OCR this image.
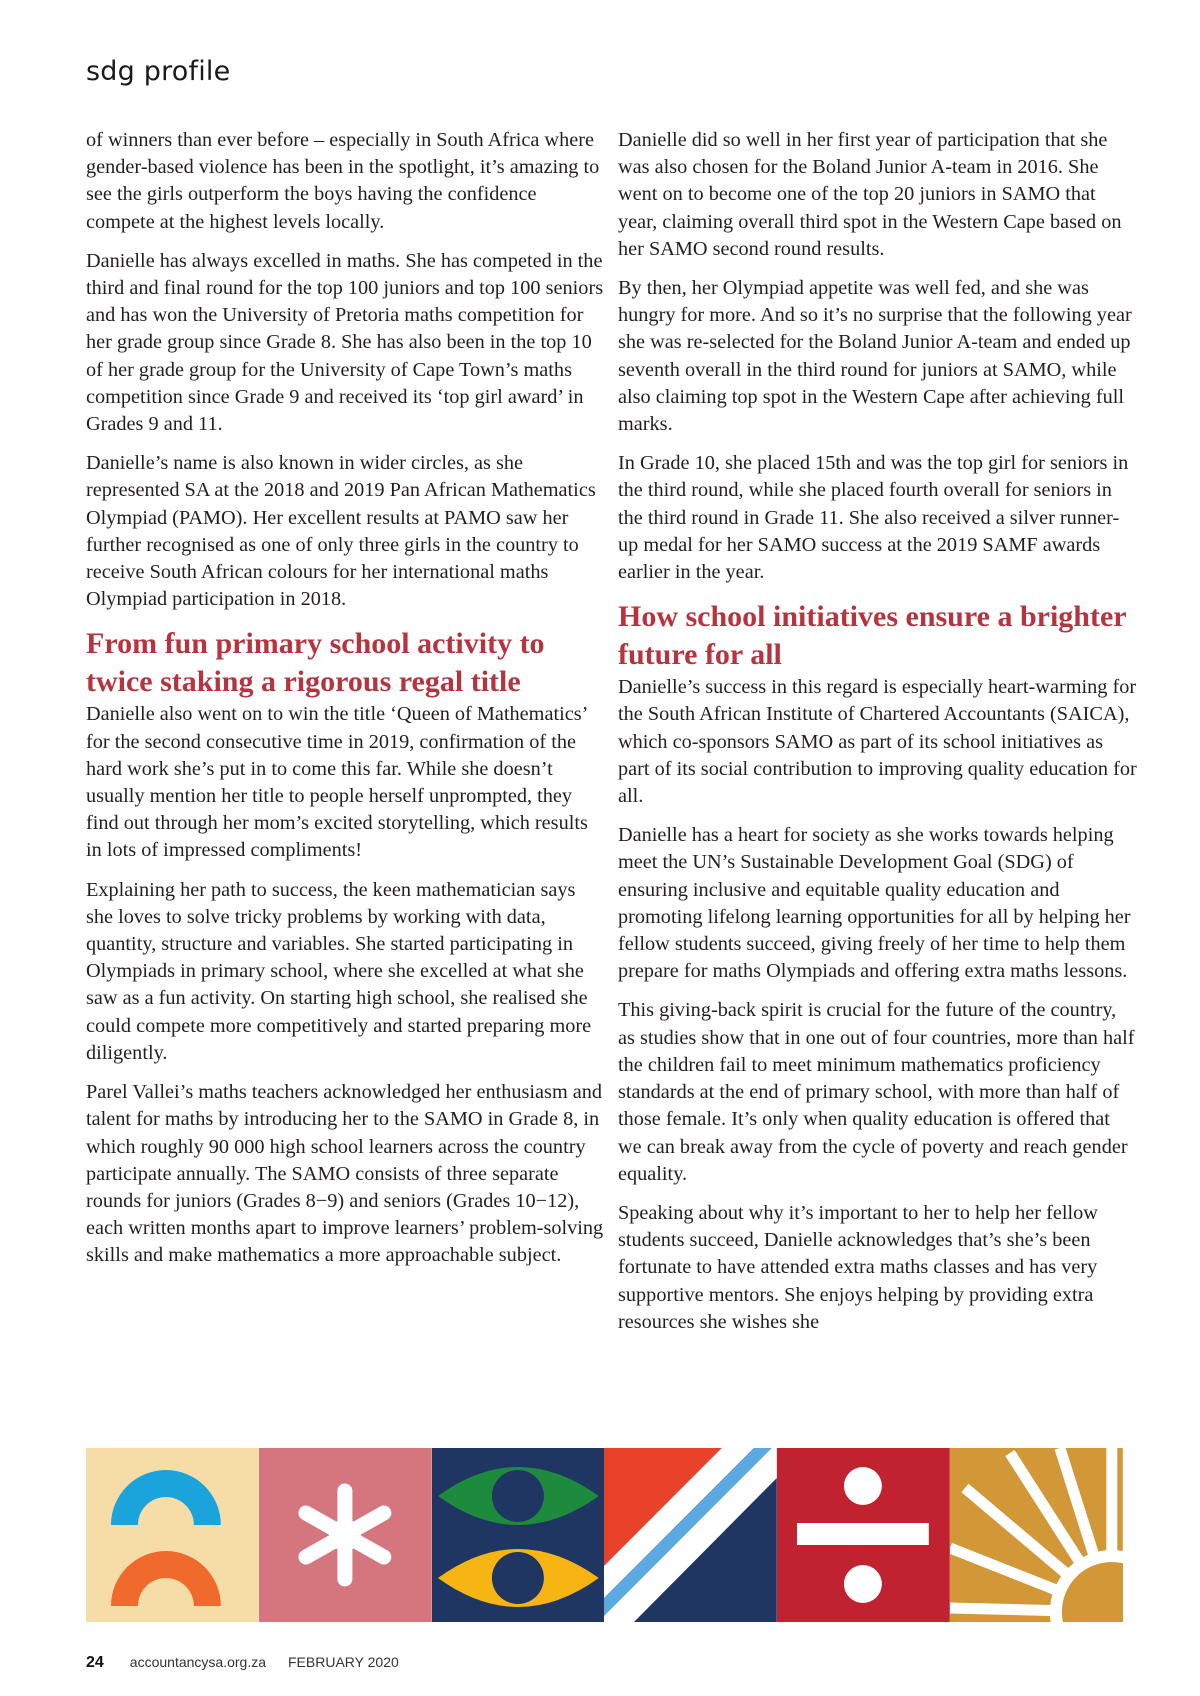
sdg profile

of winners than ever before – especially in South Africa where gender-based violence has been in the spotlight, it’s amazing to see the girls outperform the boys having the confidence compete at the highest levels locally.

Danielle has always excelled in maths. She has competed in the third and final round for the top 100 juniors and top 100 seniors and has won the University of Pretoria maths competition for her grade group since Grade 8. She has also been in the top 10 of her grade group for the University of Cape Town’s maths competition since Grade 9 and received its ‘top girl award’ in Grades 9 and 11.

Danielle’s name is also known in wider circles, as she represented SA at the 2018 and 2019 Pan African Mathematics Olympiad (PAMO). Her excellent results at PAMO saw her further recognised as one of only three girls in the country to receive South African colours for her international maths Olympiad participation in 2018.

From fun primary school activity to twice staking a rigorous regal title

Danielle also went on to win the title ‘Queen of Mathematics’ for the second consecutive time in 2019, confirmation of the hard work she’s put in to come this far. While she doesn’t usually mention her title to people herself unprompted, they find out through her mom’s excited storytelling, which results in lots of impressed compliments!

Explaining her path to success, the keen mathematician says she loves to solve tricky problems by working with data, quantity, structure and variables. She started participating in Olympiads in primary school, where she excelled at what she saw as a fun activity. On starting high school, she realised she could compete more competitively and started preparing more diligently.

Parel Vallei’s maths teachers acknowledged her enthusiasm and talent for maths by introducing her to the SAMO in Grade 8, in which roughly 90 000 high school learners across the country participate annually. The SAMO consists of three separate rounds for juniors (Grades 8−9) and seniors (Grades 10−12), each written months apart to improve learners’ problem-solving skills and make mathematics a more approachable subject.

Danielle did so well in her first year of participation that she was also chosen for the Boland Junior A-team in 2016. She went on to become one of the top 20 juniors in SAMO that year, claiming overall third spot in the Western Cape based on her SAMO second round results.

By then, her Olympiad appetite was well fed, and she was hungry for more. And so it’s no surprise that the following year she was re-selected for the Boland Junior A-team and ended up seventh overall in the third round for juniors at SAMO, while also claiming top spot in the Western Cape after achieving full marks.

In Grade 10, she placed 15th and was the top girl for seniors in the third round, while she placed fourth overall for seniors in the third round in Grade 11. She also received a silver runner-up medal for her SAMO success at the 2019 SAMF awards earlier in the year.

How school initiatives ensure a brighter future for all

Danielle’s success in this regard is especially heart-warming for the South African Institute of Chartered Accountants (SAICA), which co-sponsors SAMO as part of its school initiatives as part of its social contribution to improving quality education for all.

Danielle has a heart for society as she works towards helping meet the UN’s Sustainable Development Goal (SDG) of ensuring inclusive and equitable quality education and promoting lifelong learning opportunities for all by helping her fellow students succeed, giving freely of her time to help them prepare for maths Olympiads and offering extra maths lessons.

This giving-back spirit is crucial for the future of the country, as studies show that in one out of four countries, more than half the children fail to meet minimum mathematics proficiency standards at the end of primary school, with more than half of those female. It’s only when quality education is offered that we can break away from the cycle of poverty and reach gender equality.

Speaking about why it’s important to her to help her fellow students succeed, Danielle acknowledges that’s she’s been fortunate to have attended extra maths classes and has very supportive mentors. She enjoys helping by providing extra resources she wishes she

24 accountancysa.org.za FEBRUARY 2020
